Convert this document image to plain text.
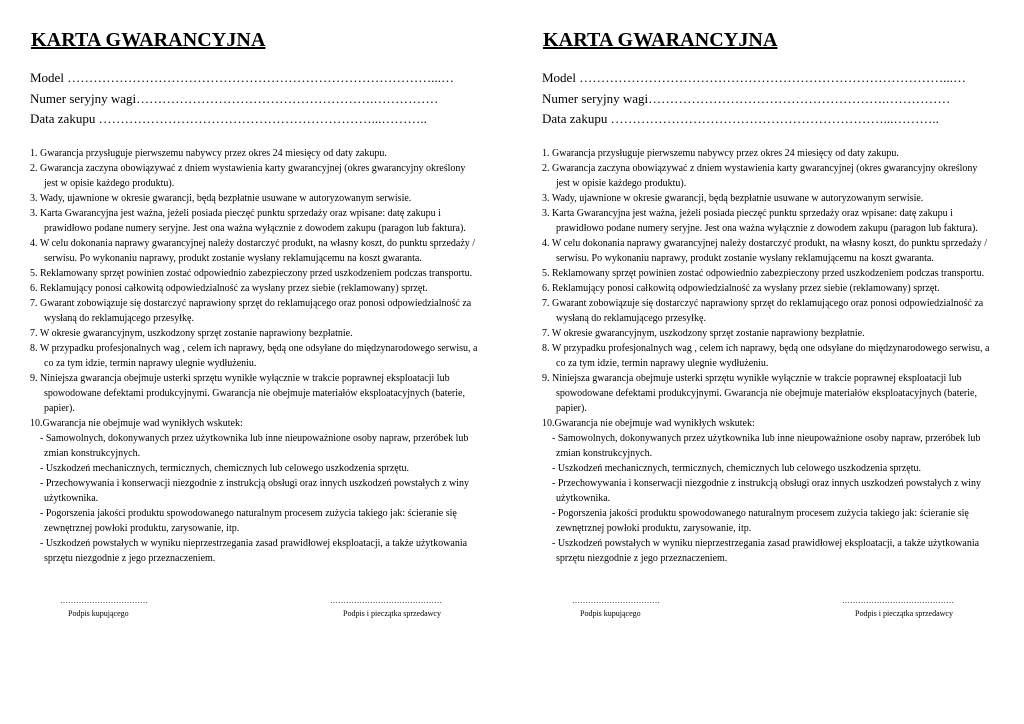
KARTA GWARANCYJNA
Model …………………………………………………………………………...…
Numer seryjny wagi……………………………………………….……………
Data zakupu ………………………………………………………...………..
1. Gwarancja przysługuje pierwszemu nabywcy przez okres 24 miesięcy od daty zakupu.
2. Gwarancja zaczyna obowiązywać z dniem wystawienia karty gwarancyjnej (okres gwarancyjny określony
jest w opisie każdego produktu).
3. Wady, ujawnione w okresie gwarancji, będą bezpłatnie usuwane w autoryzowanym serwisie.
3. Karta Gwarancyjna jest ważna, jeżeli posiada pieczęć punktu sprzedaży oraz wpisane: datę zakupu i
prawidłowo podane numery seryjne. Jest ona ważna wyłącznie z dowodem zakupu (paragon lub faktura).
4. W celu dokonania naprawy gwarancyjnej należy dostarczyć produkt, na własny koszt, do punktu sprzedaży /
serwisu. Po wykonaniu naprawy, produkt zostanie wysłany reklamującemu na koszt gwaranta.
5. Reklamowany sprzęt powinien zostać odpowiednio zabezpieczony przed uszkodzeniem podczas transportu.
6. Reklamujący ponosi całkowitą odpowiedzialność za wysłany przez siebie (reklamowany) sprzęt.
7. Gwarant zobowiązuje się dostarczyć naprawiony sprzęt do reklamującego oraz ponosi odpowiedzialność za
wysłaną do reklamującego przesyłkę.
7. W okresie gwarancyjnym, uszkodzony sprzęt zostanie naprawiony bezpłatnie.
8. W przypadku profesjonalnych wag , celem ich naprawy, będą one odsyłane do międzynarodowego serwisu, a
co za tym idzie, termin naprawy ulegnie wydłużeniu.
9. Niniejsza gwarancja obejmuje usterki sprzętu wynikłe wyłącznie w trakcie poprawnej eksploatacji lub
spowodowane defektami produkcyjnymi. Gwarancja nie obejmuje materiałów eksploatacyjnych (baterie,
papier).
10.Gwarancja nie obejmuje wad wynikłych wskutek:
- Samowolnych, dokonywanych przez użytkownika lub inne nieupoważnione osoby napraw, przeróbek lub
zmian konstrukcyjnych.
- Uszkodzeń mechanicznych, termicznych, chemicznych lub celowego uszkodzenia sprzętu.
- Przechowywania i konserwacji niezgodnie z instrukcją obsługi oraz innych uszkodzeń powstałych z winy
użytkownika.
- Pogorszenia jakości produktu spowodowanego naturalnym procesem zużycia takiego jak: ścieranie się
zewnętrznej powłoki produktu, zarysowanie, itp.
- Uszkodzeń powstałych w wyniku nieprzestrzegania zasad prawidłowej eksploatacji, a także użytkowania
sprzętu niezgodnie z jego przeznaczeniem.
……………………………
Podpis kupującego
……………………………………
Podpis i pieczątka sprzedawcy
KARTA GWARANCYJNA
Model …………………………………………………………………………...…
Numer seryjny wagi……………………………………………….……………
Data zakupu ………………………………………………………...………..
1. Gwarancja przysługuje pierwszemu nabywcy przez okres 24 miesięcy od daty zakupu.
2. Gwarancja zaczyna obowiązywać z dniem wystawienia karty gwarancyjnej (okres gwarancyjny określony
jest w opisie każdego produktu).
3. Wady, ujawnione w okresie gwarancji, będą bezpłatnie usuwane w autoryzowanym serwisie.
3. Karta Gwarancyjna jest ważna, jeżeli posiada pieczęć punktu sprzedaży oraz wpisane: datę zakupu i
prawidłowo podane numery seryjne. Jest ona ważna wyłącznie z dowodem zakupu (paragon lub faktura).
4. W celu dokonania naprawy gwarancyjnej należy dostarczyć produkt, na własny koszt, do punktu sprzedaży /
serwisu. Po wykonaniu naprawy, produkt zostanie wysłany reklamującemu na koszt gwaranta.
5. Reklamowany sprzęt powinien zostać odpowiednio zabezpieczony przed uszkodzeniem podczas transportu.
6. Reklamujący ponosi całkowitą odpowiedzialność za wysłany przez siebie (reklamowany) sprzęt.
7. Gwarant zobowiązuje się dostarczyć naprawiony sprzęt do reklamującego oraz ponosi odpowiedzialność za
wysłaną do reklamującego przesyłkę.
7. W okresie gwarancyjnym, uszkodzony sprzęt zostanie naprawiony bezpłatnie.
8. W przypadku profesjonalnych wag , celem ich naprawy, będą one odsyłane do międzynarodowego serwisu, a
co za tym idzie, termin naprawy ulegnie wydłużeniu.
9. Niniejsza gwarancja obejmuje usterki sprzętu wynikłe wyłącznie w trakcie poprawnej eksploatacji lub
spowodowane defektami produkcyjnymi. Gwarancja nie obejmuje materiałów eksploatacyjnych (baterie,
papier).
10.Gwarancja nie obejmuje wad wynikłych wskutek:
- Samowolnych, dokonywanych przez użytkownika lub inne nieupoważnione osoby napraw, przeróbek lub
zmian konstrukcyjnych.
- Uszkodzeń mechanicznych, termicznych, chemicznych lub celowego uszkodzenia sprzętu.
- Przechowywania i konserwacji niezgodnie z instrukcją obsługi oraz innych uszkodzeń powstałych z winy
użytkownika.
- Pogorszenia jakości produktu spowodowanego naturalnym procesem zużycia takiego jak: ścieranie się
zewnętrznej powłoki produktu, zarysowanie, itp.
- Uszkodzeń powstałych w wyniku nieprzestrzegania zasad prawidłowej eksploatacji, a także użytkowania
sprzętu niezgodnie z jego przeznaczeniem.
……………………………
Podpis kupującego
……………………………………
Podpis i pieczątka sprzedawcy
